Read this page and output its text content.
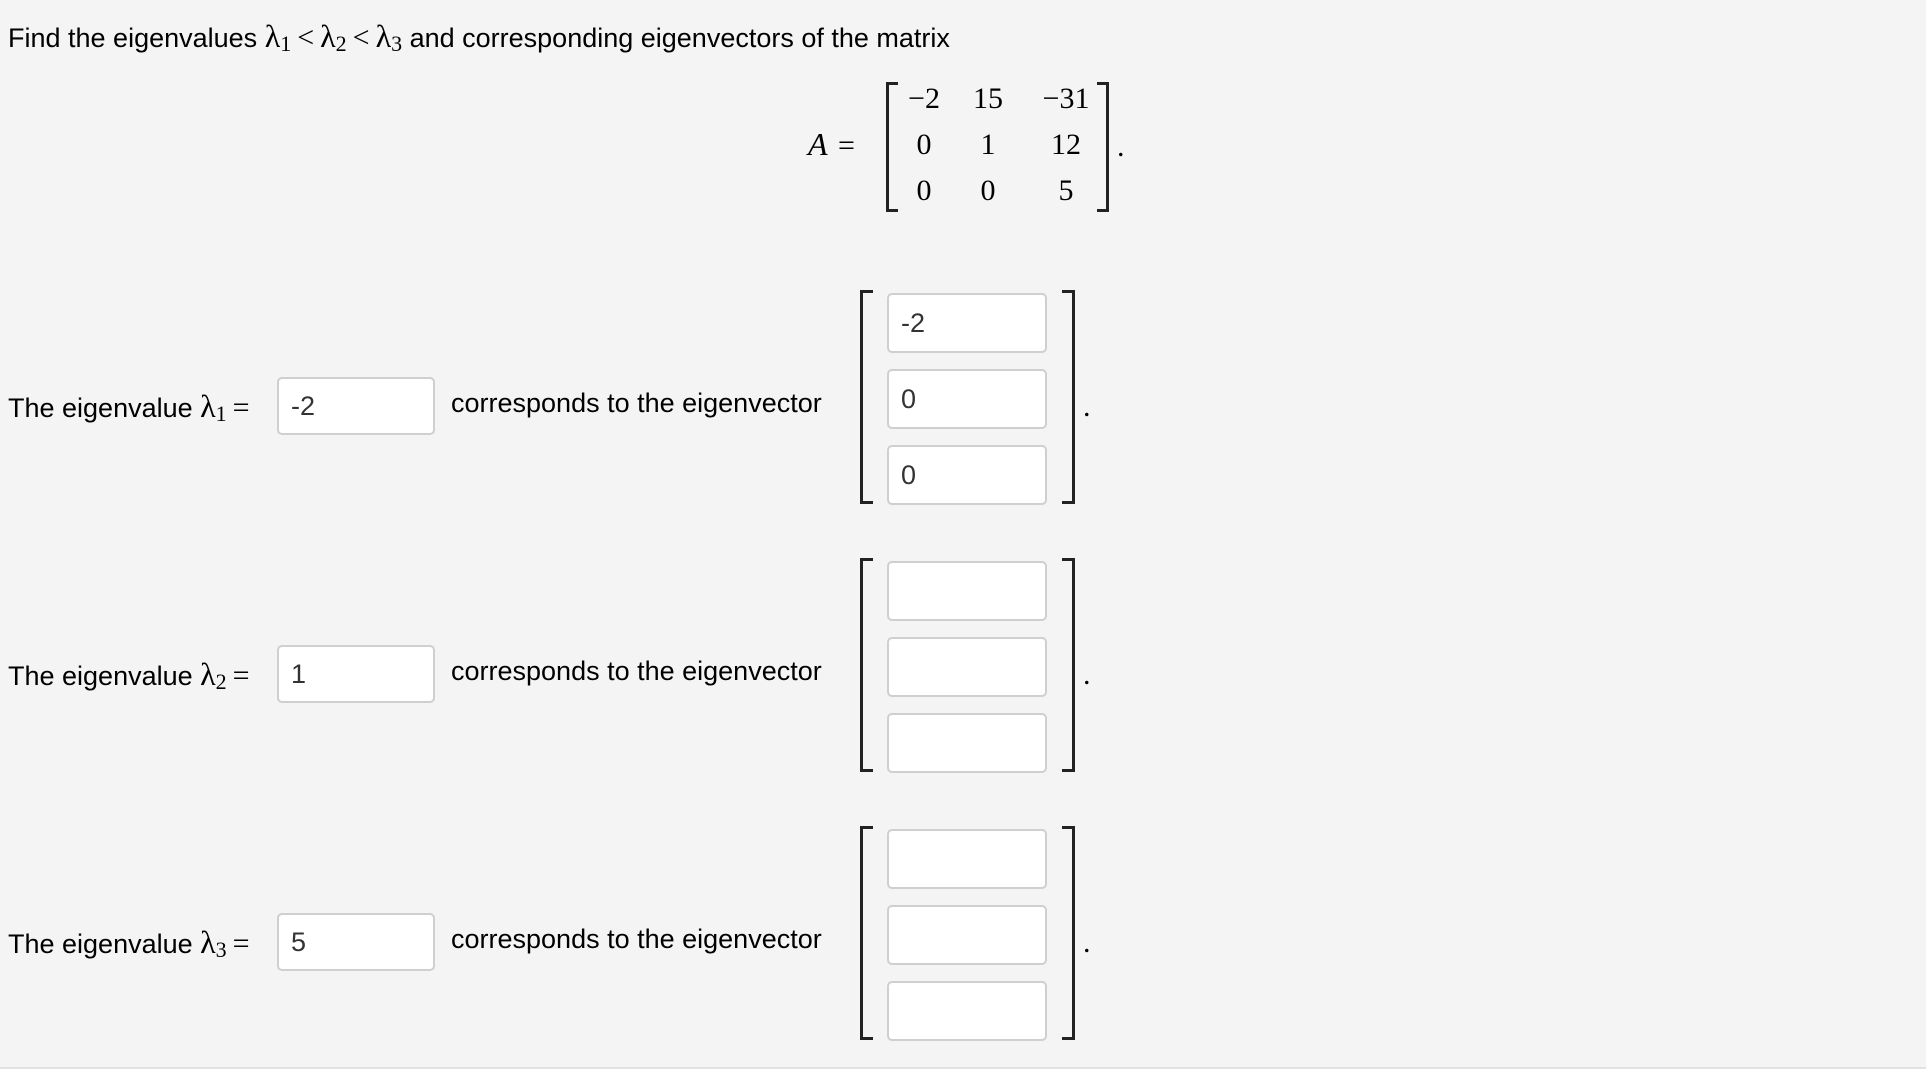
Find the eigenvalues λ1 < λ2 < λ3 and corresponding eigenvectors of the matrix
A =
−2	15	−31
0	1	12
0	0	5
.
The eigenvalue λ1 =
-2	corresponds to the eigenvector
-2
0
0	.
The eigenvalue λ2 =
1	corresponds to the eigenvector	.
The eigenvalue λ3 =
5	corresponds to the eigenvector	.
